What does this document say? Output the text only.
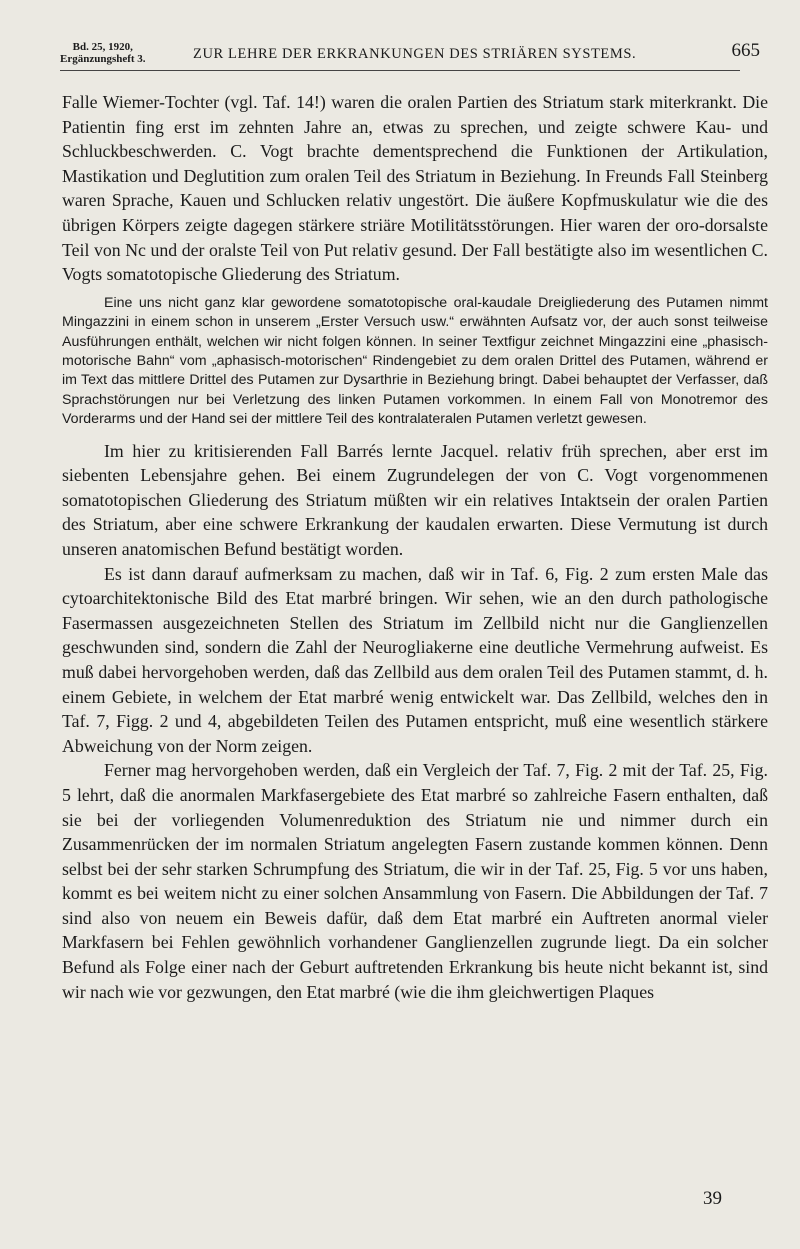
Bd. 25, 1920,
Ergänzungsheft 3.	ZUR LEHRE DER ERKRANKUNGEN DES STRIÄREN SYSTEMS.	665

Falle Wiemer-Tochter (vgl. Taf. 14!) waren die oralen Partien des Striatum stark miterkrankt. Die Patientin fing erst im zehnten Jahre an, etwas zu sprechen, und zeigte schwere Kau- und Schluckbeschwerden. C. Vogt brachte dementsprechend die Funktionen der Artikulation, Mastikation und Deglutition zum oralen Teil des Striatum in Beziehung. In Freunds Fall Steinberg waren Sprache, Kauen und Schlucken relativ ungestört. Die äußere Kopfmuskulatur wie die des übrigen Körpers zeigte dagegen stärkere striäre Motilitätsstörungen. Hier waren der oro-dorsalste Teil von Nc und der oralste Teil von Put relativ gesund. Der Fall bestätigte also im wesentlichen C. Vogts somatotopische Gliederung des Striatum.

Eine uns nicht ganz klar gewordene somatotopische oral-kaudale Dreigliederung des Putamen nimmt Mingazzini in einem schon in unserem „Erster Versuch usw.“ erwähnten Aufsatz vor, der auch sonst teilweise Ausführungen enthält, welchen wir nicht folgen können. In seiner Textfigur zeichnet Mingazzini eine „phasisch-motorische Bahn“ vom „aphasisch-motorischen“ Rindengebiet zu dem oralen Drittel des Putamen, während er im Text das mittlere Drittel des Putamen zur Dysarthrie in Beziehung bringt. Dabei behauptet der Verfasser, daß Sprachstörungen nur bei Verletzung des linken Putamen vorkommen. In einem Fall von Monotremor des Vorderarms und der Hand sei der mittlere Teil des kontralateralen Putamen verletzt gewesen.

Im hier zu kritisierenden Fall Barrés lernte Jacquel. relativ früh sprechen, aber erst im siebenten Lebensjahre gehen. Bei einem Zugrundelegen der von C. Vogt vorgenommenen somatotopischen Gliederung des Striatum müßten wir ein relatives Intaktsein der oralen Partien des Striatum, aber eine schwere Erkrankung der kaudalen erwarten. Diese Vermutung ist durch unseren anatomischen Befund bestätigt worden.

Es ist dann darauf aufmerksam zu machen, daß wir in Taf. 6, Fig. 2 zum ersten Male das cytoarchitektonische Bild des Etat marbré bringen. Wir sehen, wie an den durch pathologische Fasermassen ausgezeichneten Stellen des Striatum im Zellbild nicht nur die Ganglienzellen geschwunden sind, sondern die Zahl der Neurogliakerne eine deutliche Vermehrung aufweist. Es muß dabei hervorgehoben werden, daß das Zellbild aus dem oralen Teil des Putamen stammt, d. h. einem Gebiete, in welchem der Etat marbré wenig entwickelt war. Das Zellbild, welches den in Taf. 7, Figg. 2 und 4, abgebildeten Teilen des Putamen entspricht, muß eine wesentlich stärkere Abweichung von der Norm zeigen.

Ferner mag hervorgehoben werden, daß ein Vergleich der Taf. 7, Fig. 2 mit der Taf. 25, Fig. 5 lehrt, daß die anormalen Markfasergebiete des Etat marbré so zahlreiche Fasern enthalten, daß sie bei der vorliegenden Volumenreduktion des Striatum nie und nimmer durch ein Zusammenrücken der im normalen Striatum angelegten Fasern zustande kommen können. Denn selbst bei der sehr starken Schrumpfung des Striatum, die wir in der Taf. 25, Fig. 5 vor uns haben, kommt es bei weitem nicht zu einer solchen Ansammlung von Fasern. Die Abbildungen der Taf. 7 sind also von neuem ein Beweis dafür, daß dem Etat marbré ein Auftreten anormal vieler Markfasern bei Fehlen gewöhnlich vorhandener Ganglienzellen zugrunde liegt. Da ein solcher Befund als Folge einer nach der Geburt auftretenden Erkrankung bis heute nicht bekannt ist, sind wir nach wie vor gezwungen, den Etat marbré (wie die ihm gleichwertigen Plaques

39
